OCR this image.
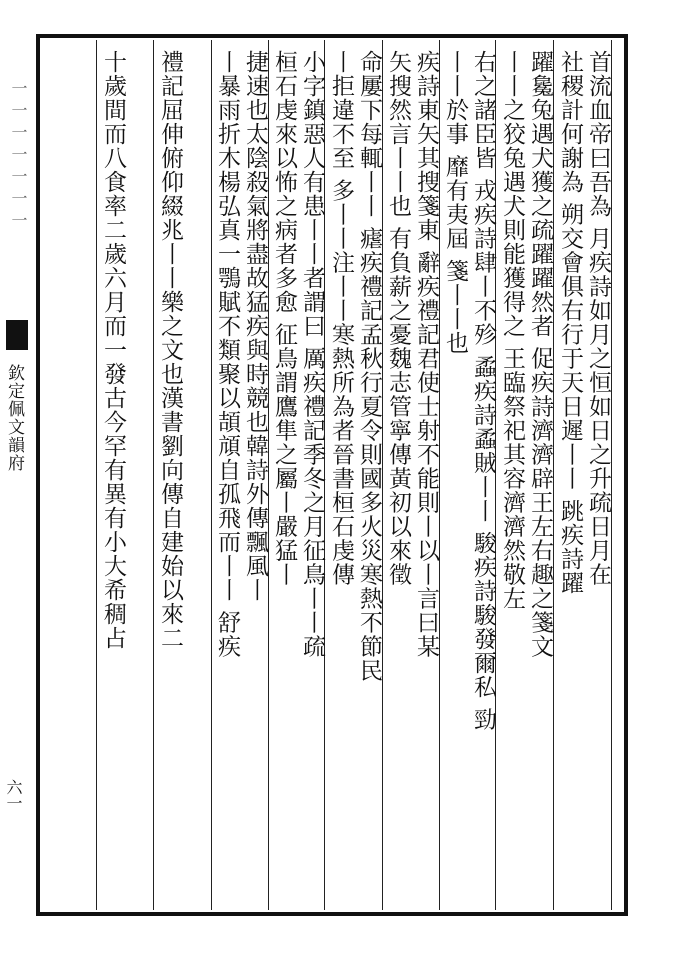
一一一一一一一
欽定佩文韻府
六一
首流血帝曰吾為 月疾詩如月之恒如日之升疏日月在
社稷計何謝為 朔交會俱右行于天日遲丨丨 跳疾詩躍
躍毚兔遇犬獲之疏躍躍然者 促疾詩濟濟辟王左右趣之箋文
丨丨之狡兔遇犬則能獲得之 王臨祭祀其容濟濟然敬左
右之諸臣皆 戎疾詩肆丨不殄 蟊疾詩蟊賊丨丨 駿疾詩駿發爾私 勁
丨丨於事 靡有夷屆 箋丨丨也
疾詩東矢其搜箋東 辭疾禮記君使士射不能則丨以丨言曰某
矢搜然言丨丨也 有負薪之憂魏志管寧傳黃初以來徵
命屢下每輒丨丨 瘧疾禮記孟秋行夏令則國多火災寒熱不節民
丨拒違不至 多丨丨注丨丨寒熱所為者晉書桓石虔傳
小字鎮惡人有患丨丨者謂曰 厲疾禮記季冬之月征鳥丨丨疏
桓石虔來以怖之病者多愈 征鳥謂鷹隼之屬丨嚴猛丨
捷速也太陰殺氣將盡故猛疾與時競也韓詩外傳飄風丨
丨暴雨折木楊弘真一鶚賦不類聚以頡頏自孤飛而丨丨 舒疾
禮記屈伸俯仰綴兆丨丨樂之文也漢書劉向傳自建始以來二
十歲間而八食率二歲六月而一發古今罕有異有小大希稠占
